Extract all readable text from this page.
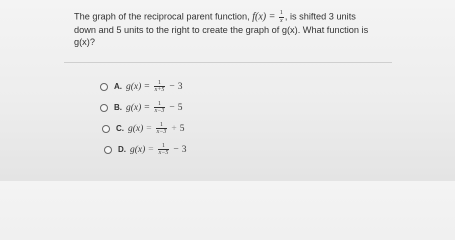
The graph of the reciprocal parent function, $f(x) = \frac{1}{x}$ , is shifted 3 units
down and 5 units to the right to create the graph of g(x). What function is
g(x)?
A. $g(x) = \frac{1}{x+5} - 3$
B. $g(x) = \frac{1}{x-3} - 5$
C. $g(x) = \frac{1}{x-3} + 5$
D. $g(x) = \frac{1}{x-5} - 3$
